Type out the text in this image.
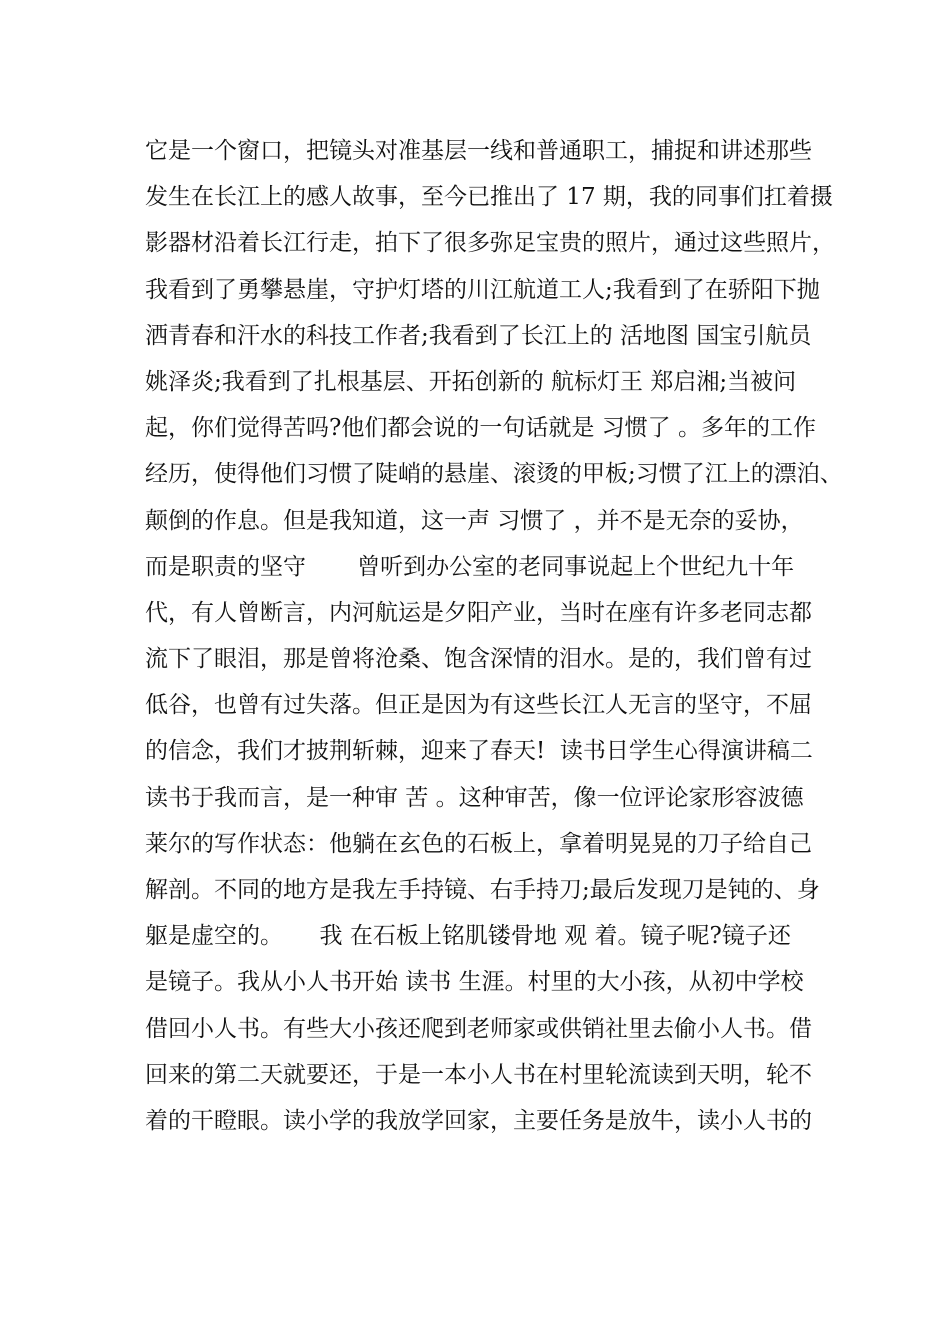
它是一个窗口，把镜头对准基层一线和普通职工，捕捉和讲述那些
发生在长江上的感人故事，至今已推出了 17 期，我的同事们扛着摄
影器材沿着长江行走，拍下了很多弥足宝贵的照片，通过这些照片，
我看到了勇攀悬崖，守护灯塔的川江航道工人;我看到了在骄阳下抛
洒青春和汗水的科技工作者;我看到了长江上的 活地图 国宝引航员
姚泽炎;我看到了扎根基层、开拓创新的 航标灯王 郑启湘;当被问
起，你们觉得苦吗?他们都会说的一句话就是 习惯了 。多年的工作
经历，使得他们习惯了陡峭的悬崖、滚烫的甲板;习惯了江上的漂泊、
颠倒的作息。但是我知道，这一声 习惯了 ，并不是无奈的妥协，
而是职责的坚守       曾听到办公室的老同事说起上个世纪九十年
代，有人曾断言，内河航运是夕阳产业，当时在座有许多老同志都
流下了眼泪，那是曾将沧桑、饱含深情的泪水。是的，我们曾有过
低谷，也曾有过失落。但正是因为有这些长江人无言的坚守，不屈
的信念，我们才披荆斩棘，迎来了春天!  读书日学生心得演讲稿二
读书于我而言，是一种审 苦 。这种审苦，像一位评论家形容波德
莱尔的写作状态：他躺在玄色的石板上，拿着明晃晃的刀子给自己
解剖。不同的地方是我左手持镜、右手持刀;最后发现刀是钝的、身
躯是虚空的。     我 在石板上铭肌镂骨地 观 着。镜子呢?镜子还
是镜子。我从小人书开始 读书 生涯。村里的大小孩，从初中学校
借回小人书。有些大小孩还爬到老师家或供销社里去偷小人书。借
回来的第二天就要还，于是一本小人书在村里轮流读到天明，轮不
着的干瞪眼。读小学的我放学回家，主要任务是放牛，读小人书的
